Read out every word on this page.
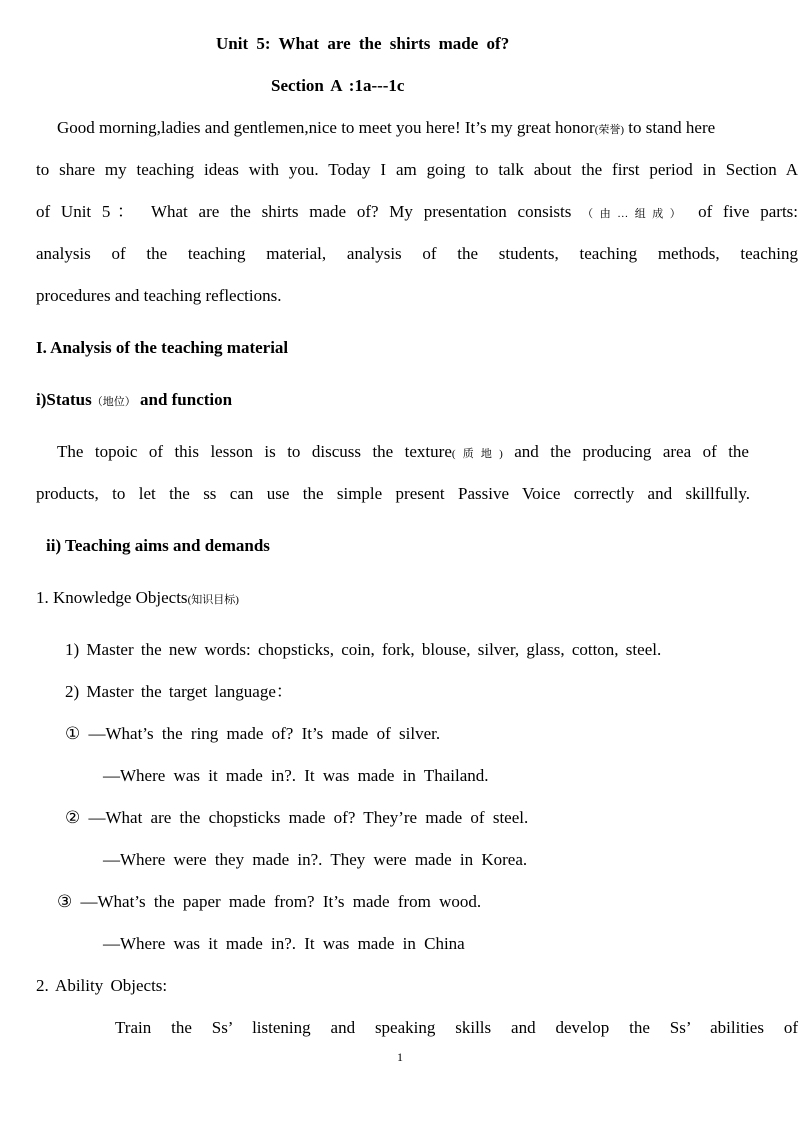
Unit 5: What are the shirts made of?
Section A :1a---1c
Good morning,ladies and gentlemen,nice to meet you here! It’s my great honor(荣誉) to stand here
to share my teaching ideas with you. Today I am going to talk about the first period in Section A
of Unit 5： What are the shirts made of? My presentation consists （由…组成） of five parts:
analysis of the teaching material, analysis of the students, teaching methods, teaching
procedures and teaching reflections.
I. Analysis of the teaching material
i)Status（地位） and function
The topoic of this lesson is to discuss the texture(质地) and the producing area of the
products, to let the ss can use the simple present Passive Voice correctly and skillfully.
ii) Teaching aims and demands
1. Knowledge Objects(知识目标)
1) Master the new words: chopsticks, coin, fork, blouse, silver, glass, cotton, steel.
2) Master the target language：
① —What’s the ring made of? It’s made of silver.
—Where was it made in?. It was made in Thailand.
② —What are the chopsticks made of? They’re made of steel.
—Where were they made in?. They were made in Korea.
③ —What’s the paper made from? It’s made from wood.
—Where was it made in?. It was made in China
2. Ability Objects:
Train the Ss’ listening and speaking skills and develop the Ss’ abilities of
1
